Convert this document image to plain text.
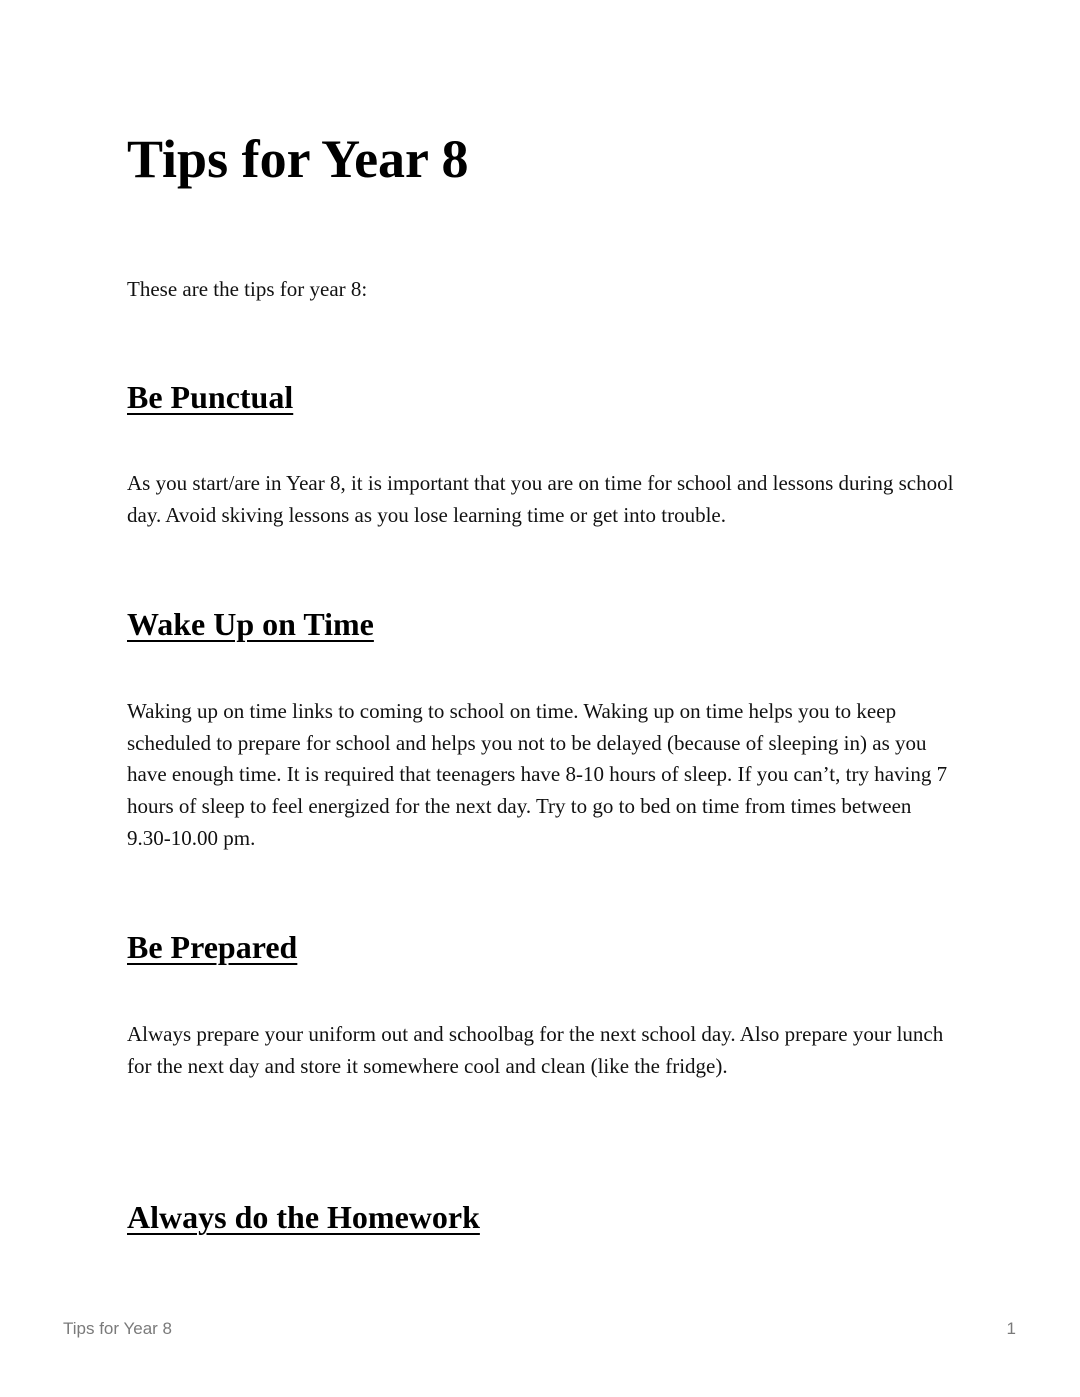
Tips for Year 8

These are the tips for year 8:

Be Punctual

As you start/are in Year 8, it is important that you are on time for school and lessons during school day. Avoid skiving lessons as you lose learning time or get into trouble.

Wake Up on Time

Waking up on time links to coming to school on time. Waking up on time helps you to keep scheduled to prepare for school and helps you not to be delayed (because of sleeping in) as you have enough time. It is required that teenagers have 8-10 hours of sleep. If you can’t, try having 7 hours of sleep to feel energized for the next day. Try to go to bed on time from times between 9.30-10.00 pm.

Be Prepared

Always prepare your uniform out and schoolbag for the next school day. Also prepare your lunch for the next day and store it somewhere cool and clean (like the fridge).

Always do the Homework
Tips for Year 8	1
